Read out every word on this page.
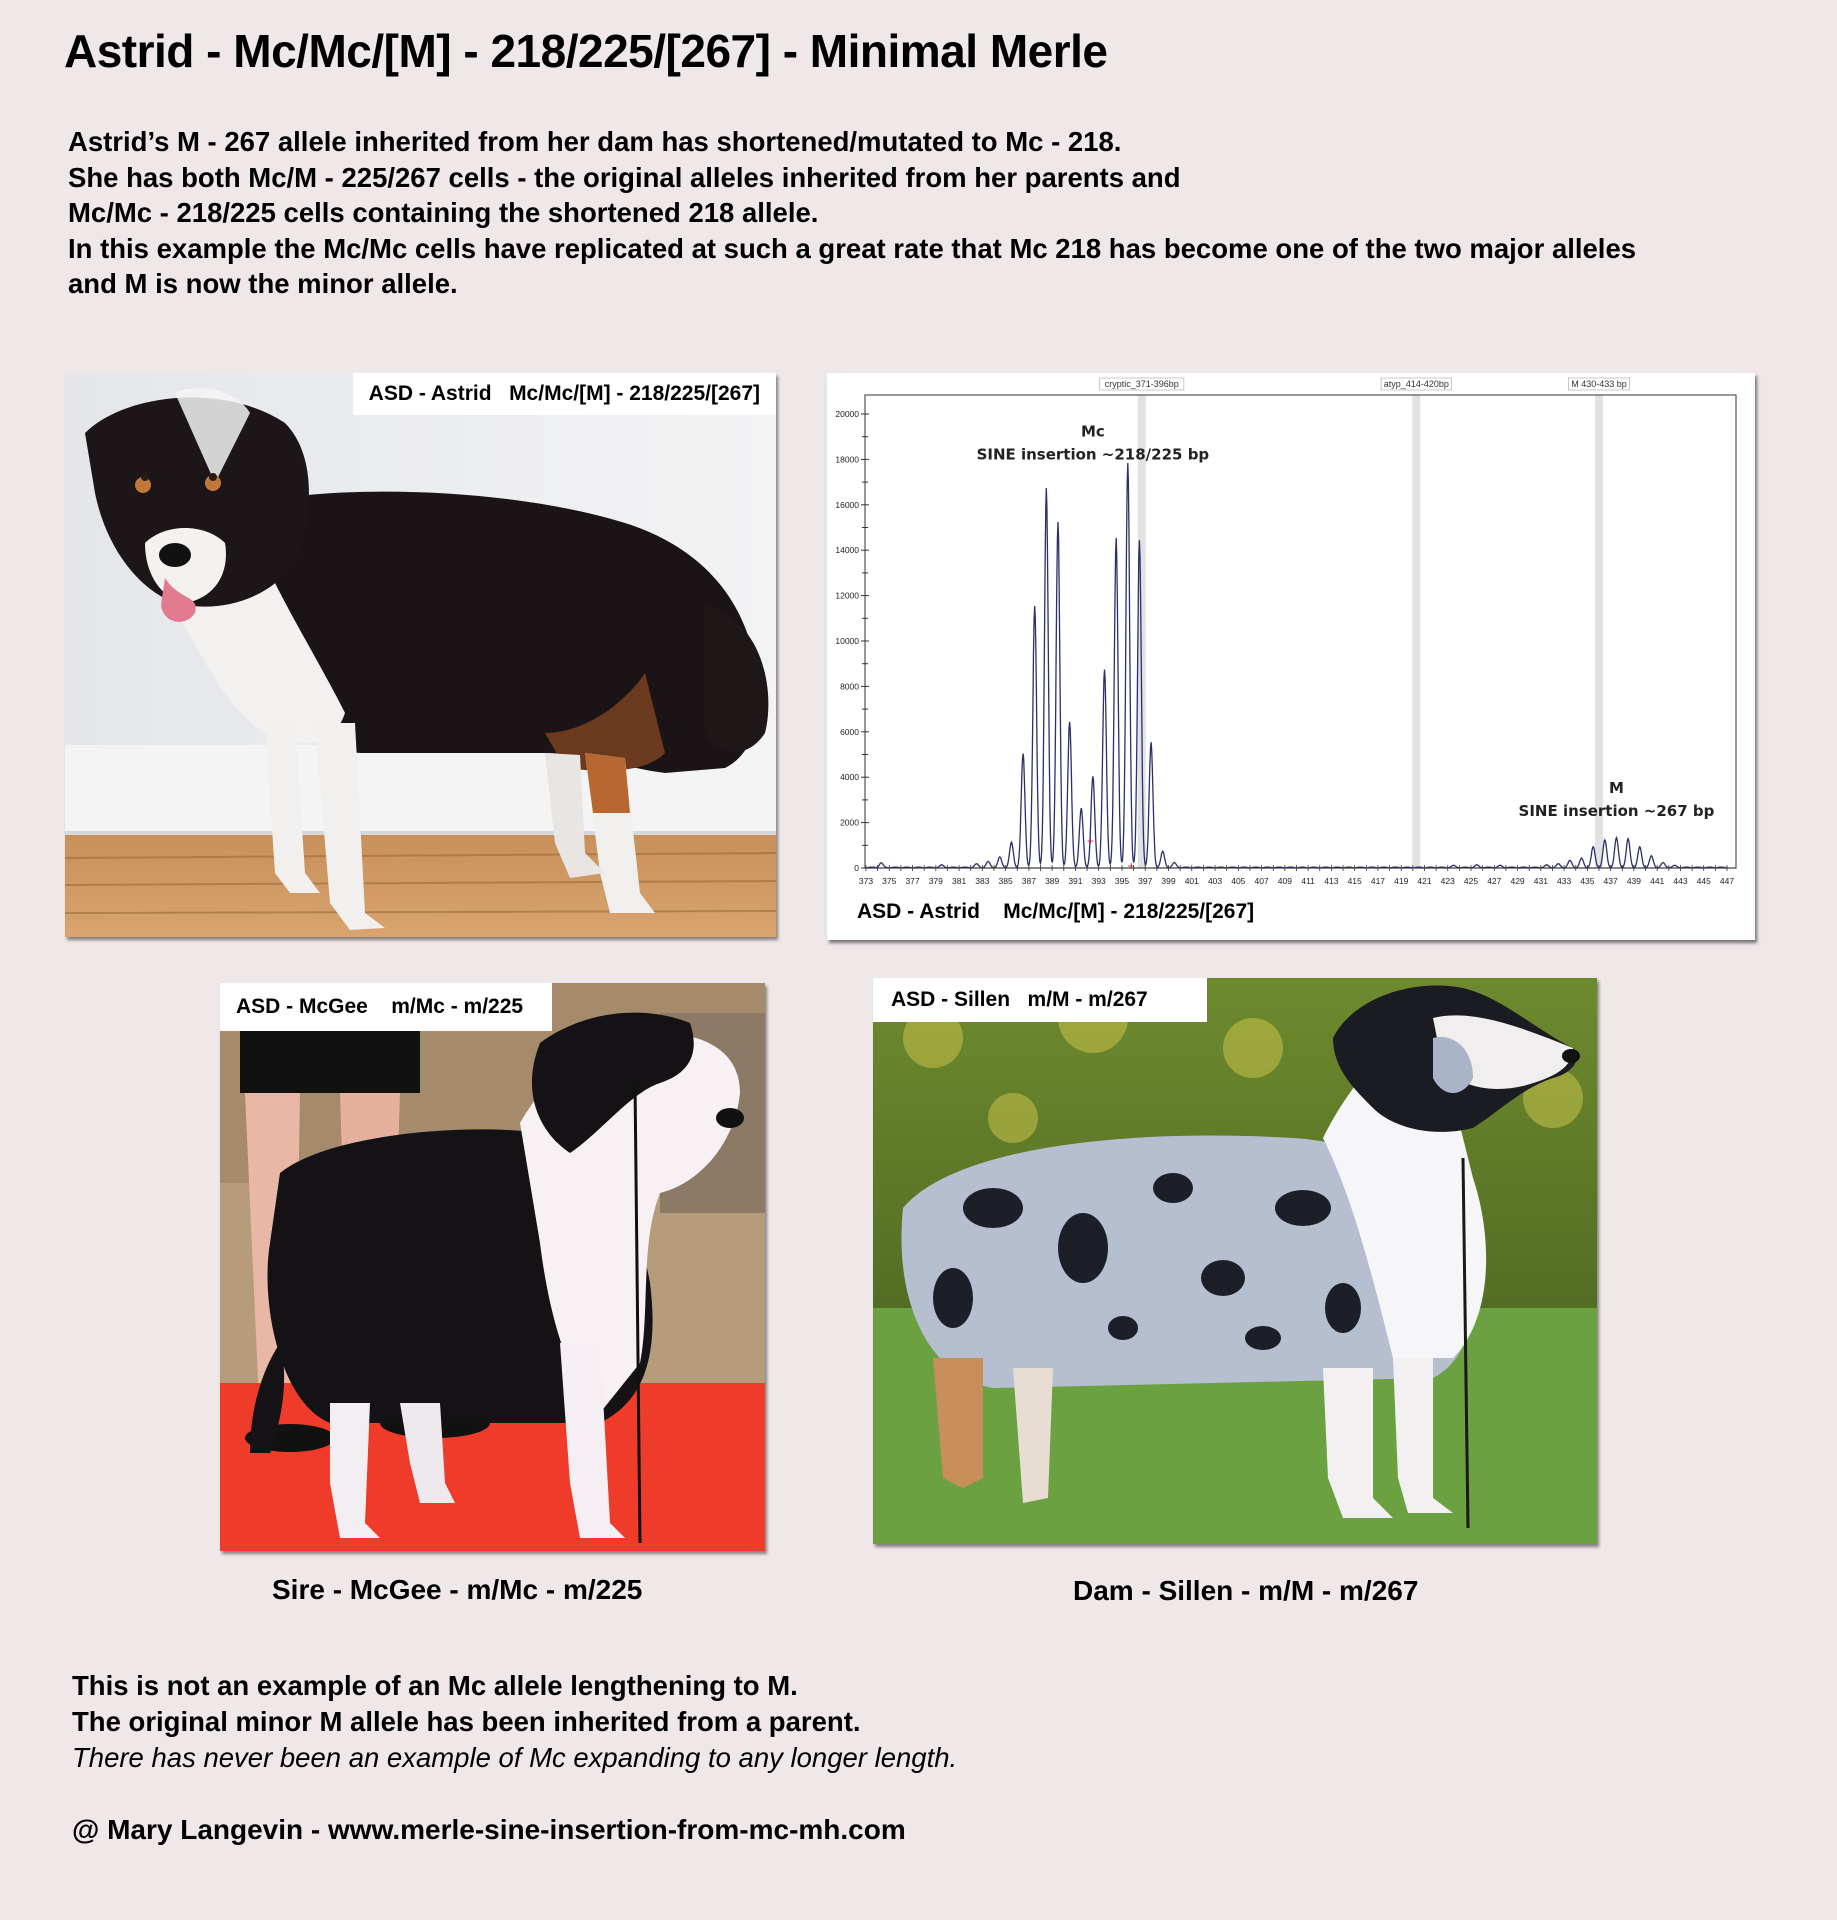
Astrid - Mc/Mc/[M] - 218/225/[267] - Minimal Merle
Astrid’s M - 267 allele inherited from her dam has shortened/mutated to Mc - 218.
She has both Mc/M - 225/267 cells - the original alleles inherited from her parents and
Mc/Mc - 218/225 cells containing the shortened 218 allele.
In this example the Mc/Mc cells have replicated at such a great rate that Mc 218 has become one of the two major alleles
and M is now the minor allele.
ASD - Astrid   Mc/Mc/[M] - 218/225/[267]	cryptic_371-396bp	atyp_414-420bp	M 430-433 bp
0
2000
4000
6000
8000
10000
12000
14000
16000
18000
20000
373 375 377 379 381 383 385 387 389 391 393 395 397 399 401 403 405 407 409 411 413 415 417 419 421 423 425 427 429 431 433 435 437 439 441 443 445 447
+
+
Mc
SINE insertion ~218/225 bp
M
SINE insertion ~267 bp
ASD - Astrid    Mc/Mc/[M] - 218/225/[267]
ASD - McGee    m/Mc - m/225	ASD - Sillen   m/M - m/267
Sire - McGee - m/Mc - m/225	Dam - Sillen - m/M - m/267
This is not an example of an Mc allele lengthening to M.
The original minor M allele has been inherited from a parent.
There has never been an example of Mc expanding to any longer length.
@ Mary Langevin - www.merle-sine-insertion-from-mc-mh.com
